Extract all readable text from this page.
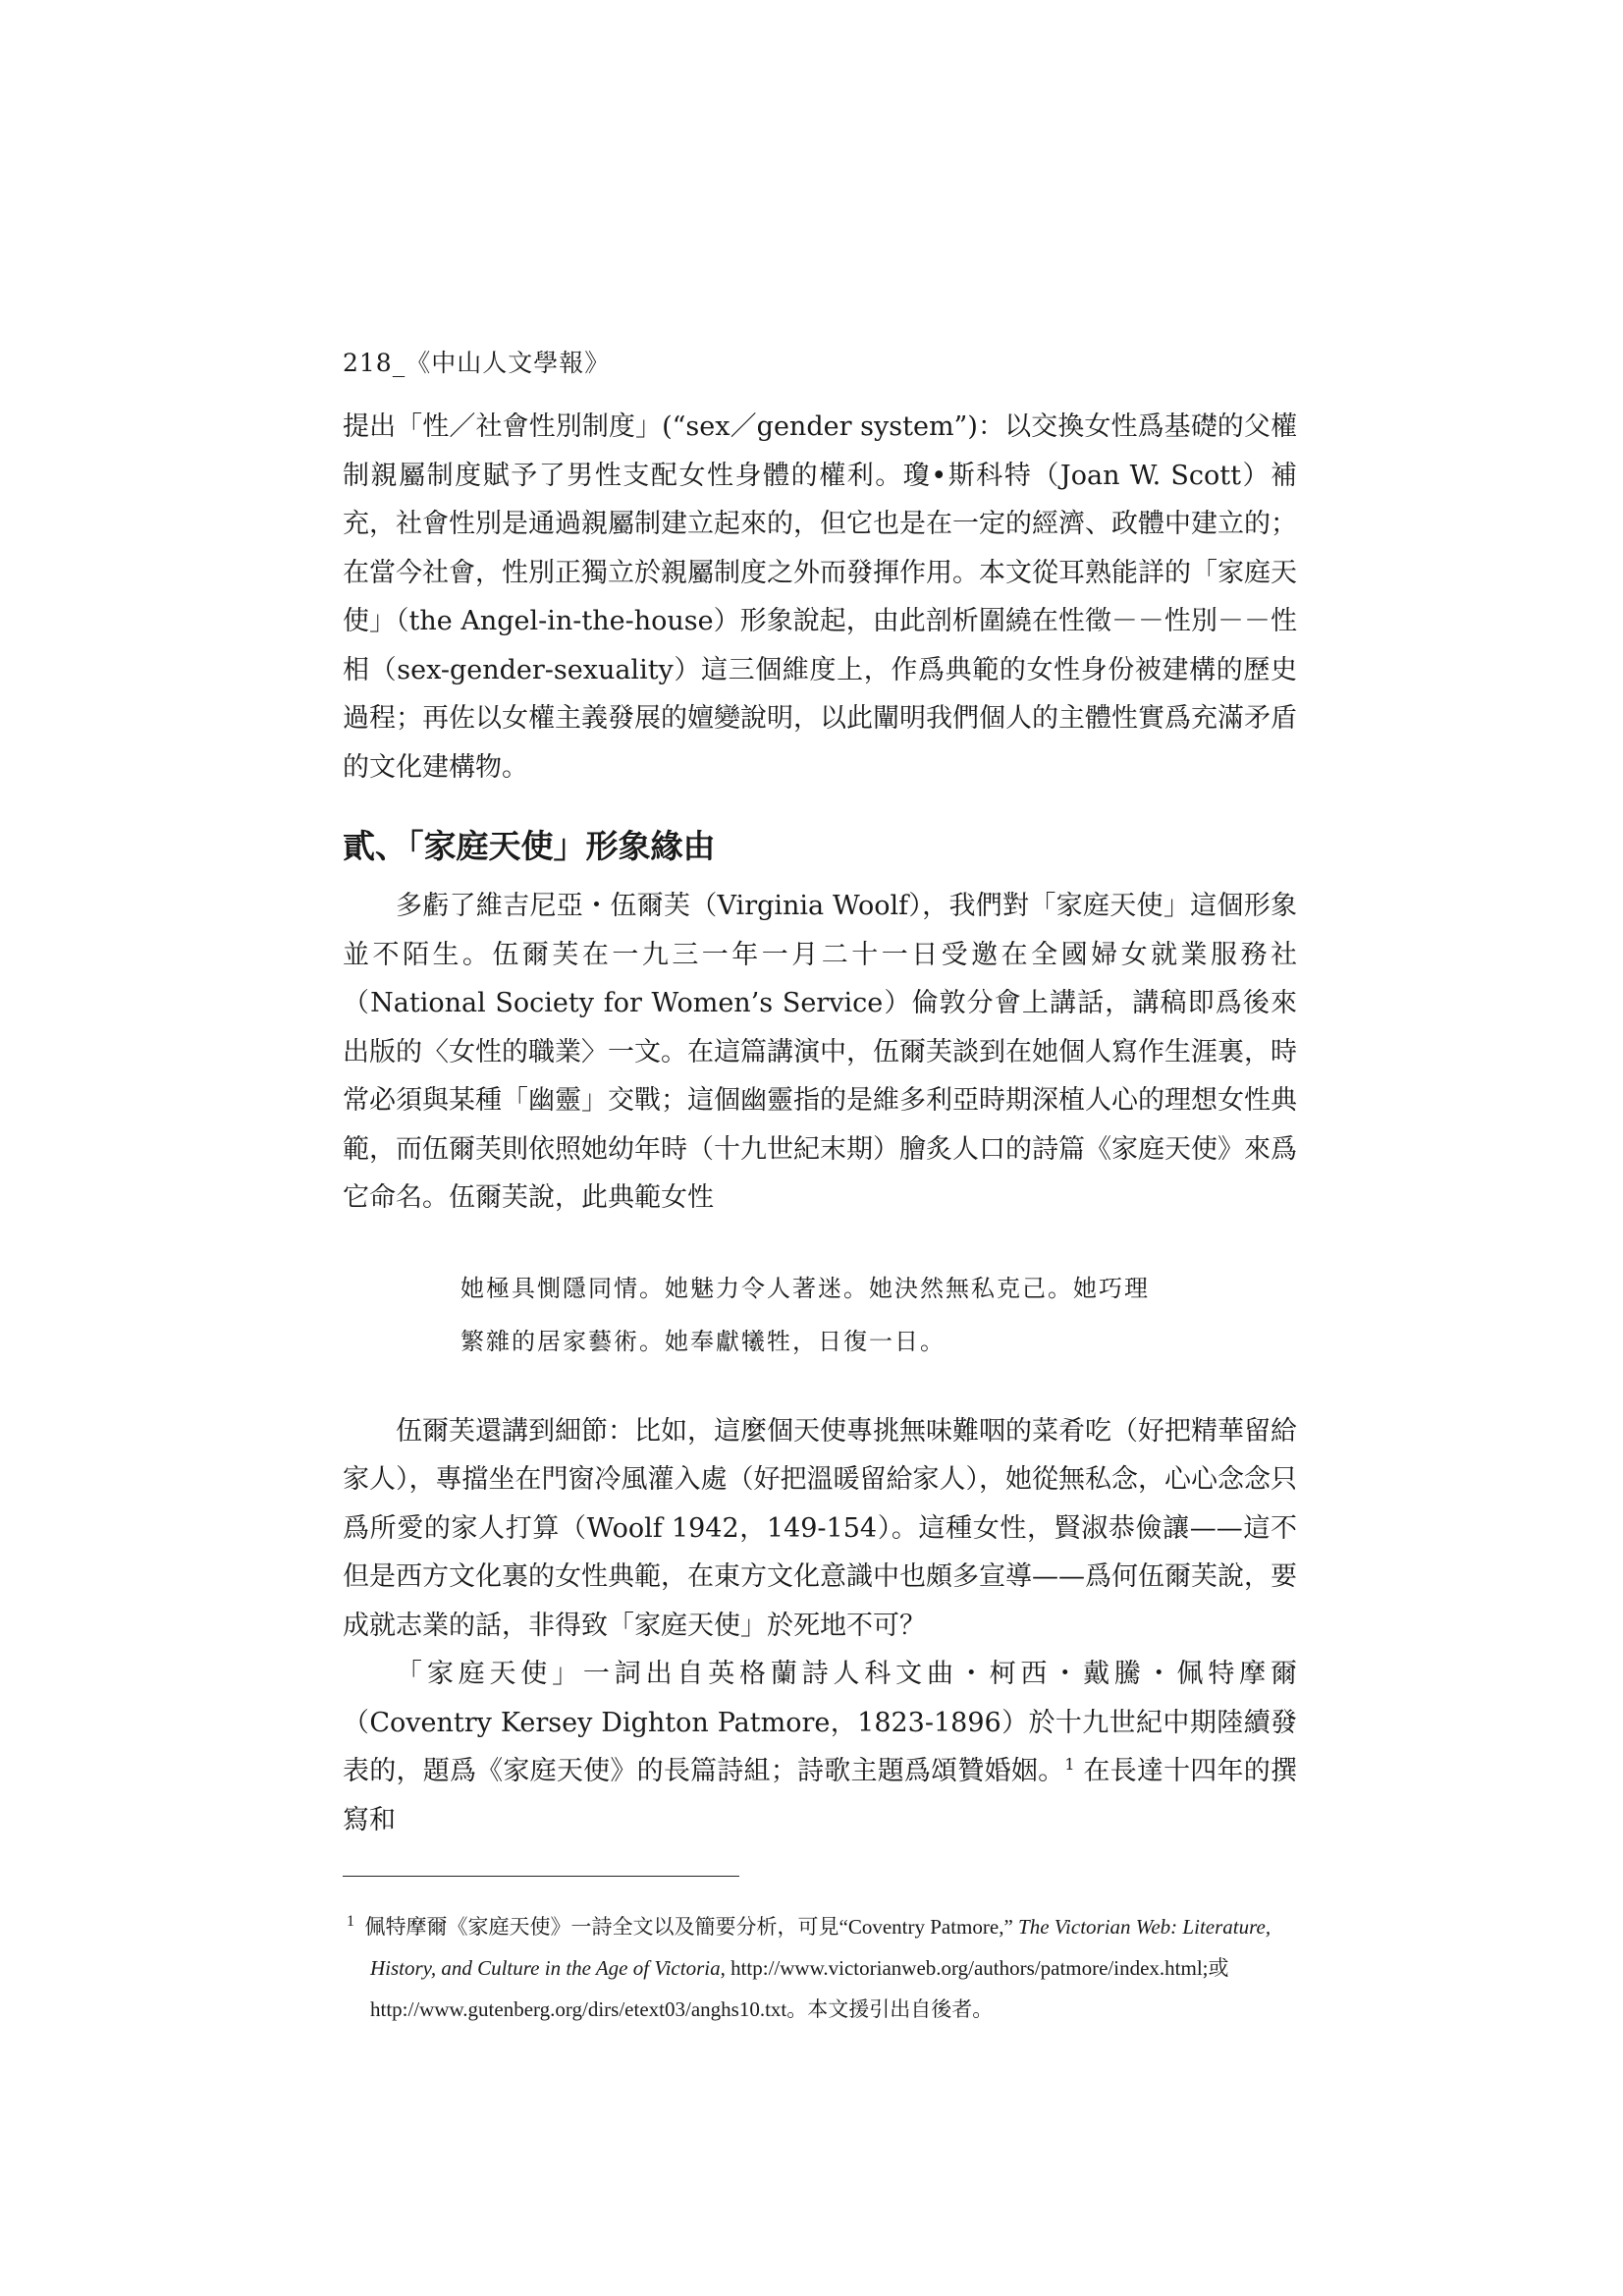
218_《中山人文學報》

提出「性／社會性別制度」(“sex／gender system”)：以交換女性爲基礎的父權制親屬制度賦予了男性支配女性身體的權利。瓊•斯科特（Joan W. Scott）補充，社會性別是通過親屬制建立起來的，但它也是在一定的經濟、政體中建立的；在當今社會，性別正獨立於親屬制度之外而發揮作用。本文從耳熟能詳的「家庭天使」（the Angel-in-the-house）形象說起，由此剖析圍繞在性徵－－性別－－性相（sex-gender-sexuality）這三個維度上，作爲典範的女性身份被建構的歷史過程；再佐以女權主義發展的嬗變說明，以此闡明我們個人的主體性實爲充滿矛盾的文化建構物。

貳、「家庭天使」形象緣由

多虧了維吉尼亞・伍爾芙（Virginia Woolf），我們對「家庭天使」這個形象並不陌生。伍爾芙在一九三一年一月二十一日受邀在全國婦女就業服務社（National Society for Women’s Service）倫敦分會上講話，講稿即爲後來出版的〈女性的職業〉一文。在這篇講演中，伍爾芙談到在她個人寫作生涯裏，時常必須與某種「幽靈」交戰；這個幽靈指的是維多利亞時期深植人心的理想女性典範，而伍爾芙則依照她幼年時（十九世紀末期）膾炙人口的詩篇《家庭天使》來爲它命名。伍爾芙說，此典範女性

她極具惻隱同情。她魅力令人著迷。她決然無私克己。她巧理
繁雜的居家藝術。她奉獻犧牲，日復一日。

伍爾芙還講到細節：比如，這麼個天使專挑無味難咽的菜肴吃（好把精華留給家人），專擋坐在門窗冷風灌入處（好把溫暖留給家人），她從無私念，心心念念只爲所愛的家人打算（Woolf 1942，149-154）。這種女性，賢淑恭儉讓——這不但是西方文化裏的女性典範，在東方文化意識中也頗多宣導——爲何伍爾芙說，要成就志業的話，非得致「家庭天使」於死地不可？

「家庭天使」一詞出自英格蘭詩人科文曲・柯西・戴騰・佩特摩爾（Coventry Kersey Dighton Patmore，1823-1896）於十九世紀中期陸續發表的，題爲《家庭天使》的長篇詩組；詩歌主題爲頌贊婚姻。$^1$ 在長達十四年的撰寫和

$^1$ 佩特摩爾《家庭天使》一詩全文以及簡要分析，可見“Coventry Patmore,” The Victorian Web: Literature, History, and Culture in the Age of Victoria, http://www.victorianweb.org/authors/patmore/index.html;或 http://www.gutenberg.org/dirs/etext03/anghs10.txt。本文援引出自後者。
